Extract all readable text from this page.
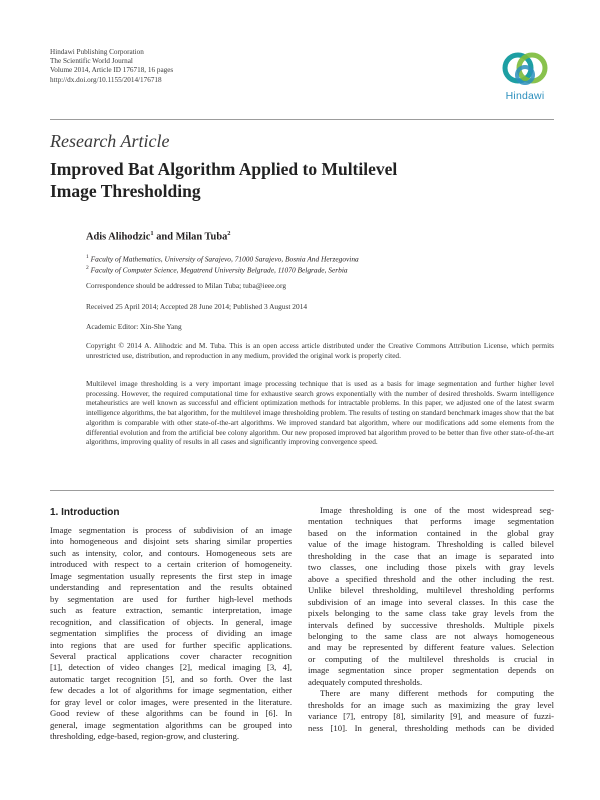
Hindawi Publishing Corporation
The Scientific World Journal
Volume 2014, Article ID 176718, 16 pages
http://dx.doi.org/10.1155/2014/176718
Hindawi
Research Article
Improved Bat Algorithm Applied to Multilevel
Image Thresholding
Adis Alihodzic$^1$ and Milan Tuba$^2$
$^1$ Faculty of Mathematics, University of Sarajevo, 71000 Sarajevo, Bosnia And Herzegovina
$^2$ Faculty of Computer Science, Megatrend University Belgrade, 11070 Belgrade, Serbia
Correspondence should be addressed to Milan Tuba; tuba@ieee.org
Received 25 April 2014; Accepted 28 June 2014; Published 3 August 2014
Academic Editor: Xin-She Yang
Copyright © 2014 A. Alihodzic and M. Tuba. This is an open access article distributed under the Creative Commons Attribution License, which permits unrestricted use, distribution, and reproduction in any medium, provided the original work is properly cited.
Multilevel image thresholding is a very important image processing technique that is used as a basis for image segmentation and further higher level processing. However, the required computational time for exhaustive search grows exponentially with the number of desired thresholds. Swarm intelligence metaheuristics are well known as successful and efficient optimization methods for intractable problems. In this paper, we adjusted one of the latest swarm intelligence algorithms, the bat algorithm, for the multilevel image thresholding problem. The results of testing on standard benchmark images show that the bat algorithm is comparable with other state-of-the-art algorithms. We improved standard bat algorithm, where our modifications add some elements from the differential evolution and from the artificial bee colony algorithm. Our new proposed improved bat algorithm proved to be better than five other state-of-the-art algorithms, improving quality of results in all cases and significantly improving convergence speed.
1. Introduction
Image segmentation is process of subdivision of an image
into homogeneous and disjoint sets sharing similar properties
such as intensity, color, and contours. Homogeneous sets are
introduced with respect to a certain criterion of homogeneity.
Image segmentation usually represents the first step in image
understanding and representation and the results obtained
by segmentation are used for further high-level methods
such as feature extraction, semantic interpretation, image
recognition, and classification of objects. In general, image
segmentation simplifies the process of dividing an image
into regions that are used for further specific applications.
Several practical applications cover character recognition
[1], detection of video changes [2], medical imaging [3, 4],
automatic target recognition [5], and so forth. Over the last
few decades a lot of algorithms for image segmentation, either
for gray level or color images, were presented in the literature.
Good review of these algorithms can be found in [6]. In
general, image segmentation algorithms can be grouped into
thresholding, edge-based, region-grow, and clustering.
Image thresholding is one of the most widespread seg-
mentation techniques that performs image segmentation
based on the information contained in the global gray
value of the image histogram. Thresholding is called bilevel
thresholding in the case that an image is separated into
two classes, one including those pixels with gray levels
above a specified threshold and the other including the rest.
Unlike bilevel thresholding, multilevel thresholding performs
subdivision of an image into several classes. In this case the
pixels belonging to the same class take gray levels from the
intervals defined by successive thresholds. Multiple pixels
belonging to the same class are not always homogeneous
and may be represented by different feature values. Selection
or computing of the multilevel thresholds is crucial in
image segmentation since proper segmentation depends on
adequately computed thresholds.
There are many different methods for computing the
thresholds for an image such as maximizing the gray level
variance [7], entropy [8], similarity [9], and measure of fuzzi-
ness [10]. In general, thresholding methods can be divided
